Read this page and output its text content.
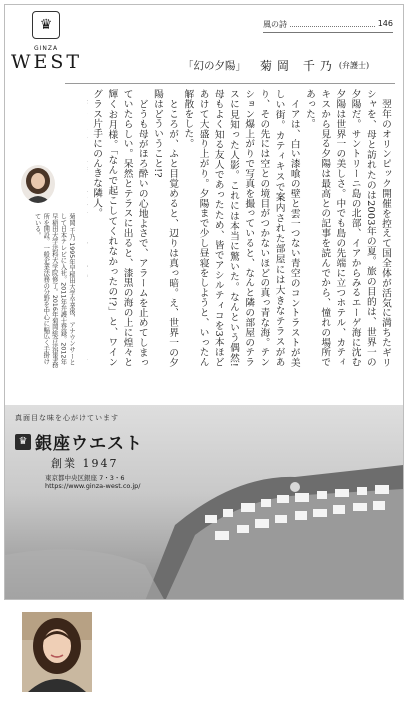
♛
GINZA
WEST
風の詩	146
「幻の夕陽」 菊岡 千乃 (弁護士)

翌年のオリンピック開催を控えて国全体が活気に満ちたギリシャを、母と訪れたのは2003年の夏。旅の目的は、世界一の夕陽だ。サントリーニ島の北部、イアからみるエーゲ海に沈む夕陽は世界一の美しさ。中でも島の先端に立つホテル、カティキスから見る夕陽は最高との記事を読んでから、憧れの場所であった。

イアは、白い漆喰の壁と雲一つない青空のコントラストが美しい街。カティキスで案内された部屋には大きなテラスがあり、その先には空との境目がつかないほどの真っ青な海。テンション爆上がりで写真を撮っていると、なんと隣の部屋のテラスに見知った人影。これには本当に驚いた。なんという偶然!母もよく知る友人であったため、皆でアシルティコを3本ほどあけて大盛り上がり。夕陽まで少し昼寝をしようと、いったん解散をした。

ところが、ふと目覚めると、辺りは真っ暗。え、世界一の夕陽はどういうこと!?

どうも母がほろ酔いの心地よさで、アラームを止めてしまっていたらしい。呆然とテラスに出ると、漆黒の海の上に煌々と輝くお月様。「なんで起こしてくれなかったの!?」と、ワイングラス片手にのんきな隣人。

菊岡 千乃 1995年早稲田大学卒業後、アナウンサーとして日本テレビに入社。2011年弁護士登録。2012年早稲田大学法科大学院修了。2016年菊岡総合法律事務所を開設。一般企業法務の分野を中心に幅広く手掛けている。
真面目な味を心がけています
♛ 銀座ウエスト
創業 1947
東京都中央区銀座 7・3・6
https://www.ginza-west.co.jp/
